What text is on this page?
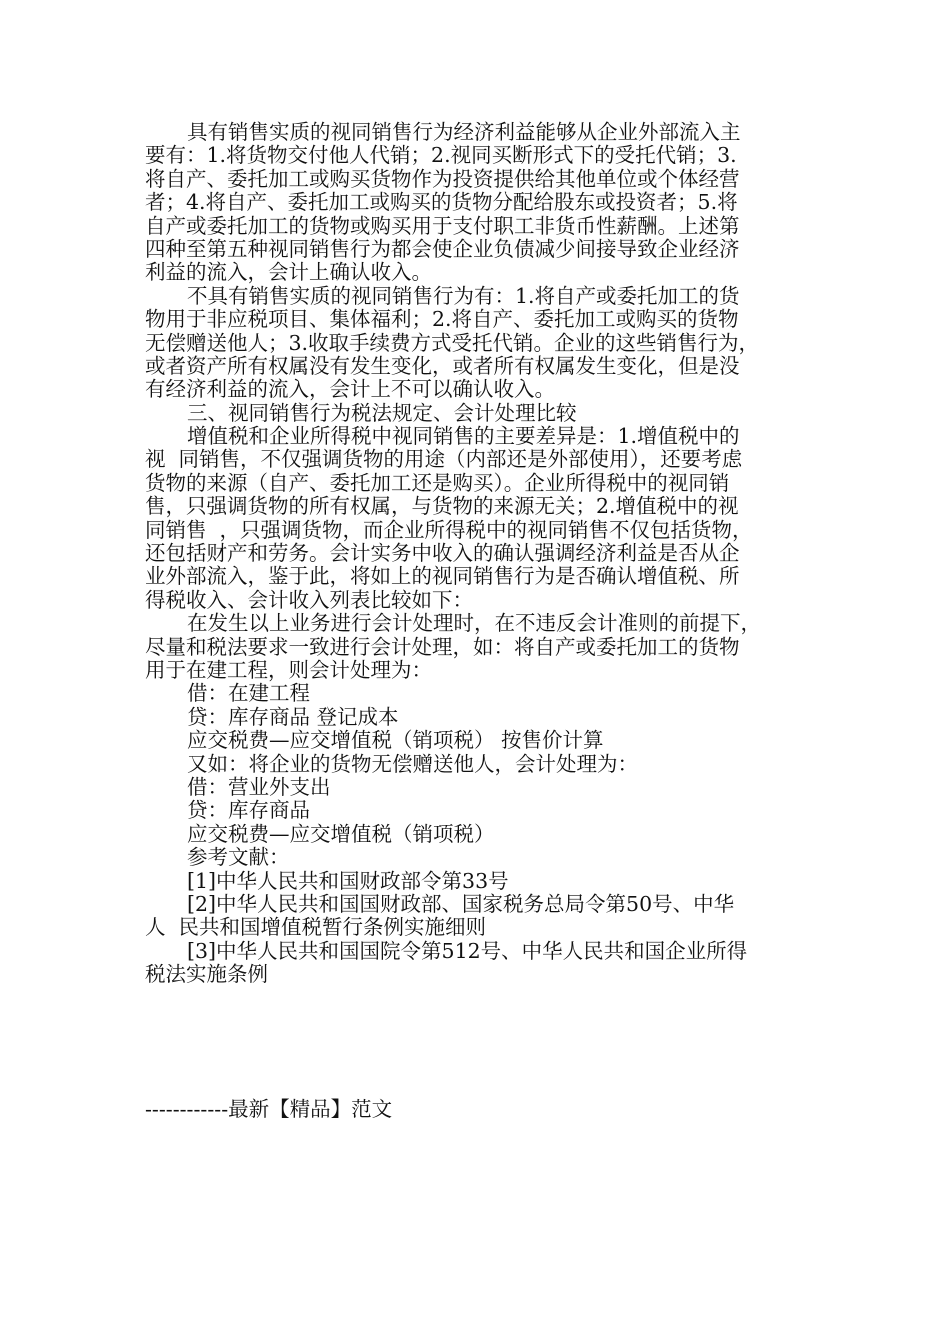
具有销售实质的视同销售行为经济利益能够从企业外部流入主
要有：1.将货物交付他人代销；2.视同买断形式下的受托代销；3.
将自产、委托加工或购买货物作为投资提供给其他单位或个体经营
者；4.将自产、委托加工或购买的货物分配给股东或投资者；5.将
自产或委托加工的货物或购买用于支付职工非货币性薪酬。上述第
四种至第五种视同销售行为都会使企业负债减少间接导致企业经济
利益的流入，会计上确认收入。
不具有销售实质的视同销售行为有：1.将自产或委托加工的货
物用于非应税项目、集体福利；2.将自产、委托加工或购买的货物
无偿赠送他人；3.收取手续费方式受托代销。企业的这些销售行为，
或者资产所有权属没有发生变化，或者所有权属发生变化，但是没
有经济利益的流入，会计上不可以确认收入。
三、视同销售行为税法规定、会计处理比较
增值税和企业所得税中视同销售的主要差异是：1.增值税中的
视  同销售，不仅强调货物的用途（内部还是外部使用），还要考虑
货物的来源（自产、委托加工还是购买）。企业所得税中的视同销
售，只强调货物的所有权属，与货物的来源无关；2.增值税中的视
同销售  ，只强调货物，而企业所得税中的视同销售不仅包括货物，
还包括财产和劳务。会计实务中收入的确认强调经济利益是否从企
业外部流入，鉴于此，将如上的视同销售行为是否确认增值税、所
得税收入、会计收入列表比较如下：
在发生以上业务进行会计处理时，在不违反会计准则的前提下，
尽量和税法要求一致进行会计处理，如：将自产或委托加工的货物
用于在建工程，则会计处理为：
借：在建工程
贷：库存商品 登记成本
应交税费—应交增值税（销项税） 按售价计算
又如：将企业的货物无偿赠送他人，会计处理为：
借：营业外支出
贷：库存商品
应交税费—应交增值税（销项税）
参考文献：
[1]中华人民共和国财政部令第33号
[2]中华人民共和国国财政部、国家税务总局令第50号、中华
人  民共和国增值税暂行条例实施细则
[3]中华人民共和国国院令第512号、中华人民共和国企业所得
税法实施条例
------------最新【精品】范文
